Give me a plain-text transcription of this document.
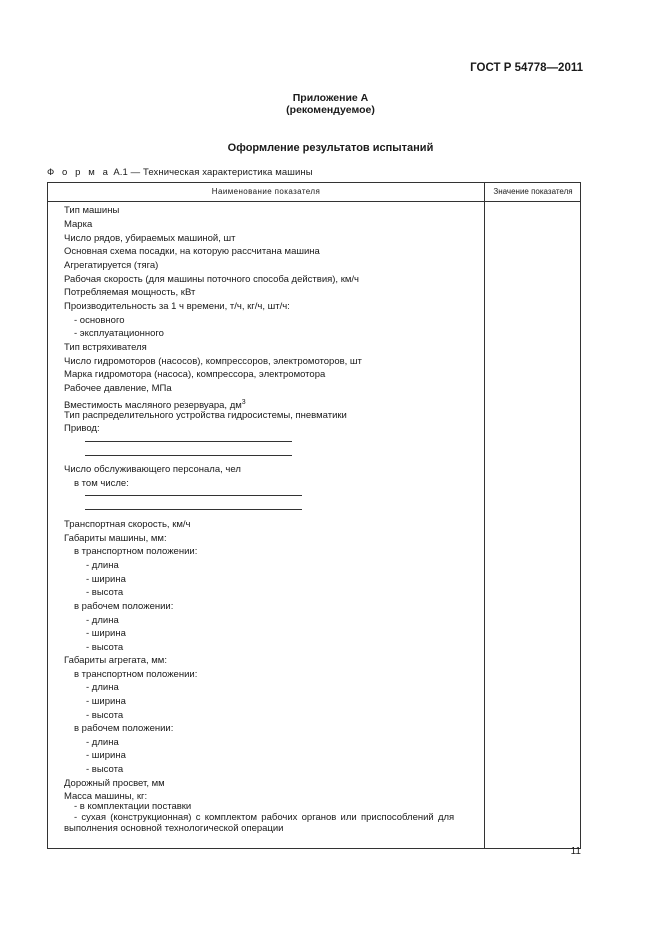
ГОСТ Р 54778—2011
Приложение А
(рекомендуемое)
Оформление результатов испытаний
Ф о р м а А.1 — Техническая характеристика машины
Наименование показателя	Значение показателя
Тип машины
Марка
Число рядов, убираемых машиной, шт
Основная схема посадки, на которую рассчитана машина
Агрегатируется (тяга)
Рабочая скорость (для машины поточного способа действия), км/ч
Потребляемая мощность, кВт
Производительность за 1 ч времени, т/ч, кг/ч, шт/ч:
- основного
- эксплуатационного
Тип встряхивателя
Число гидромоторов (насосов), компрессоров, электромоторов, шт
Марка гидромотора (насоса), компрессора, электромотора
Рабочее давление, МПа
Вместимость масляного резервуара, $дм^3$
Тип распределительного устройства гидросистемы, пневматики
Привод:
Число обслуживающего персонала, чел
в том числе:
Транспортная скорость, км/ч
Габариты машины, мм:
в транспортном положении:
- длина
- ширина
- высота
в рабочем положении:
- длина
- ширина
- высота
Габариты агрегата, мм:
в транспортном положении:
- длина
- ширина
- высота
в рабочем положении:
- длина
- ширина
- высота
Дорожный просвет, мм
Масса машины, кг:
- в комплектации поставки
- сухая (конструкционная) с комплектом рабочих органов или приспособлений для
выполнения основной технологической операции
11
